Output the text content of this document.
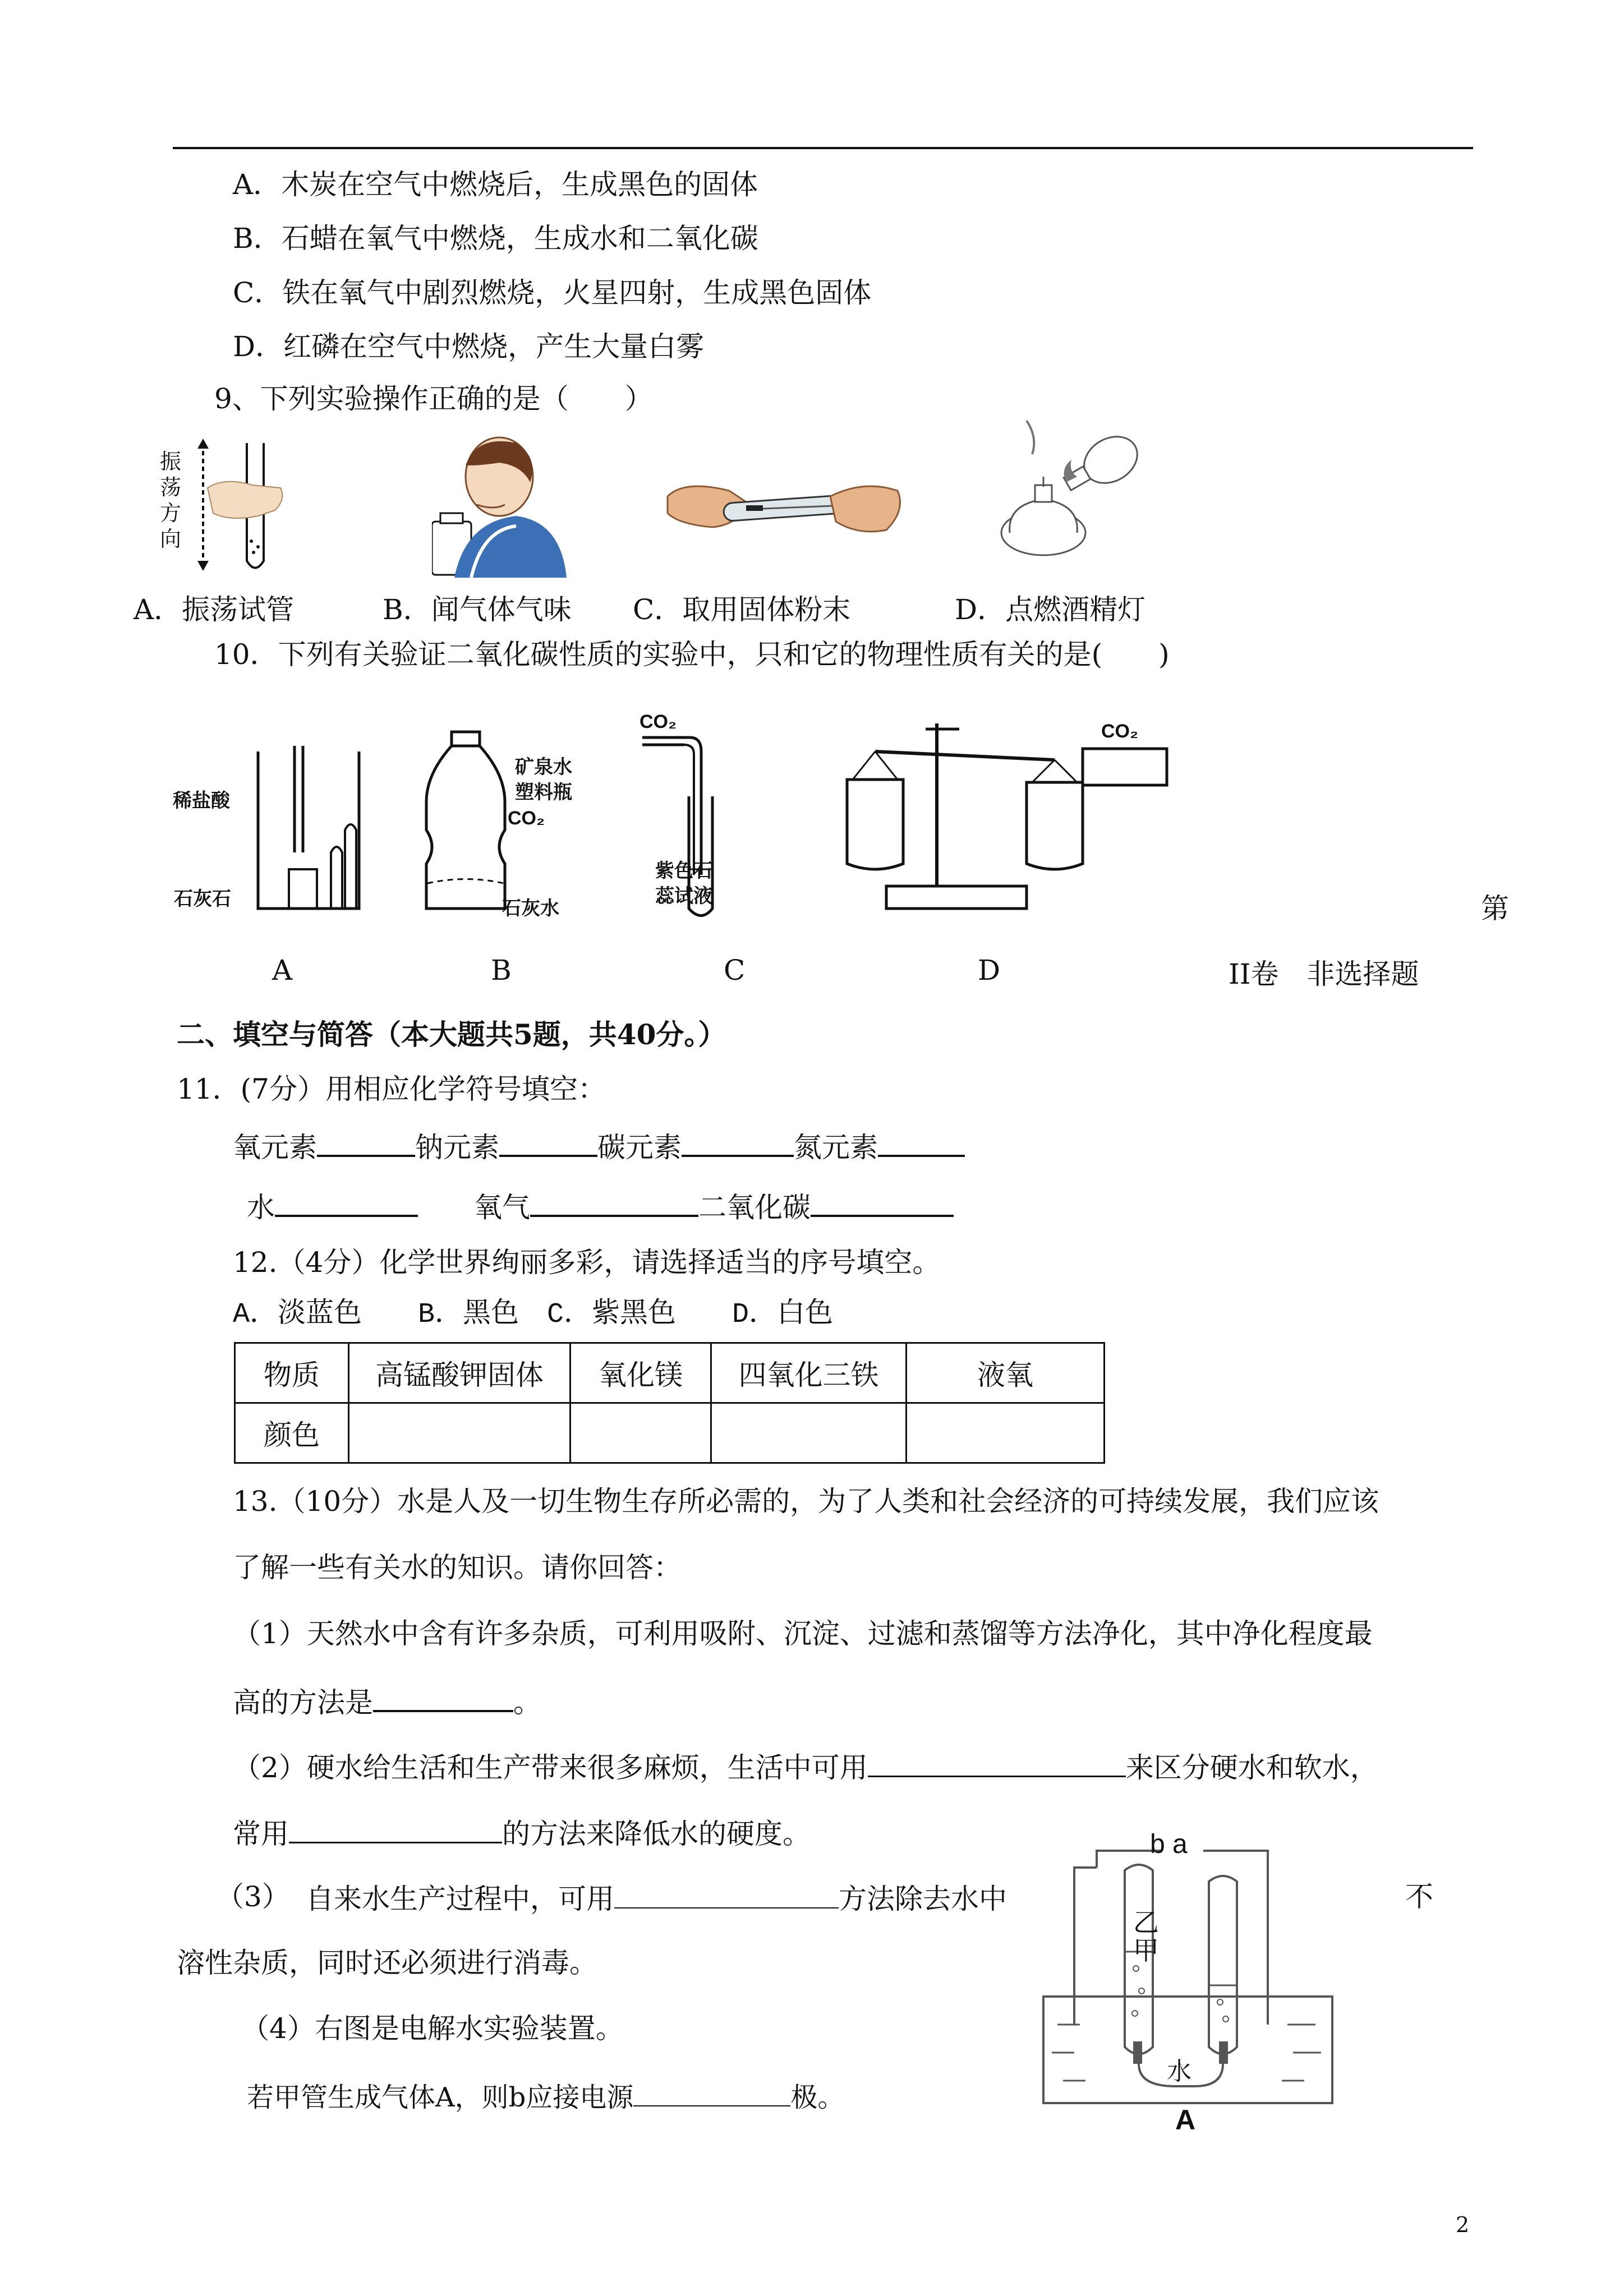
A．木炭在空气中燃烧后，生成黑色的固体
B．石蜡在氧气中燃烧，生成水和二氧化碳
C．铁在氧气中剧烈燃烧，火星四射，生成黑色固体
D．红磷在空气中燃烧，产生大量白雾
9、下列实验操作正确的是（　　）
振
荡
方
向
A．振荡试管	B．闻气体气味 C．取用固体粉末	D．点燃酒精灯
10．下列有关验证二氧化碳性质的实验中，只和它的物理性质有关的是(　　)
稀盐酸
石灰石
A
矿泉水
塑料瓶
CO₂
石灰水
B
CO₂
紫色石
蕊试液
C
CO₂
D
第
II卷　非选择题
二、填空与简答（本大题共5题，共40分。）
11．(7分）用相应化学符号填空：
氧元素	钠元素	碳元素	氮元素
水	氧气	二氧化碳
12.（4分）化学世界绚丽多彩，请选择适当的序号填空。
A．淡蓝色　　B．黑色　C．紫黑色　　D．白色
物质	高锰酸钾固体	氧化镁	四氧化三铁	液氧
颜色				
13.（10分）水是人及一切生物生存所必需的，为了人类和社会经济的可持续发展，我们应该
了解一些有关水的知识。请你回答：
（1）天然水中含有许多杂质，可利用吸附、沉淀、过滤和蒸馏等方法净化，其中净化程度最
高的方法是	。
（2）硬水给生活和生产带来很多麻烦，生活中可用	来区分硬水和软水，
常用	的方法来降低水的硬度。
（3） 自来水生产过程中，可用	方法除去水中	不
溶性杂质，同时还必须进行消毒。
（4）右图是电解水实验装置。
若甲管生成气体A，则b应接电源	极。
b a
乙
甲
水
A
2
